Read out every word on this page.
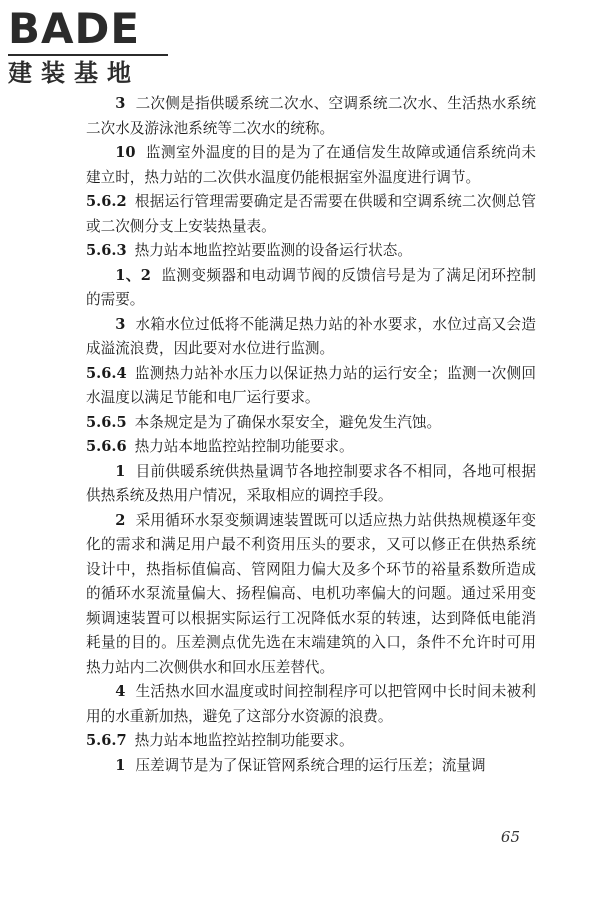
BADE
建装基地

3 二次侧是指供暖系统二次水、空调系统二次水、生活热水系统二次水及游泳池系统等二次水的统称。

10 监测室外温度的目的是为了在通信发生故障或通信系统尚未建立时，热力站的二次供水温度仍能根据室外温度进行调节。

5.6.2 根据运行管理需要确定是否需要在供暖和空调系统二次侧总管或二次侧分支上安装热量表。

5.6.3 热力站本地监控站要监测的设备运行状态。

1、2 监测变频器和电动调节阀的反馈信号是为了满足闭环控制的需要。

3 水箱水位过低将不能满足热力站的补水要求，水位过高又会造成溢流浪费，因此要对水位进行监测。

5.6.4 监测热力站补水压力以保证热力站的运行安全；监测一次侧回水温度以满足节能和电厂运行要求。

5.6.5 本条规定是为了确保水泵安全，避免发生汽蚀。

5.6.6 热力站本地监控站控制功能要求。

1 目前供暖系统供热量调节各地控制要求各不相同，各地可根据供热系统及热用户情况，采取相应的调控手段。

2 采用循环水泵变频调速装置既可以适应热力站供热规模逐年变化的需求和满足用户最不利资用压头的要求，又可以修正在供热系统设计中，热指标值偏高、管网阻力偏大及多个环节的裕量系数所造成的循环水泵流量偏大、扬程偏高、电机功率偏大的问题。通过采用变频调速装置可以根据实际运行工况降低水泵的转速，达到降低电能消耗量的目的。压差测点优先选在末端建筑的入口，条件不允许时可用热力站内二次侧供水和回水压差替代。

4 生活热水回水温度或时间控制程序可以把管网中长时间未被利用的水重新加热，避免了这部分水资源的浪费。

5.6.7 热力站本地监控站控制功能要求。

1 压差调节是为了保证管网系统合理的运行压差；流量调

65
